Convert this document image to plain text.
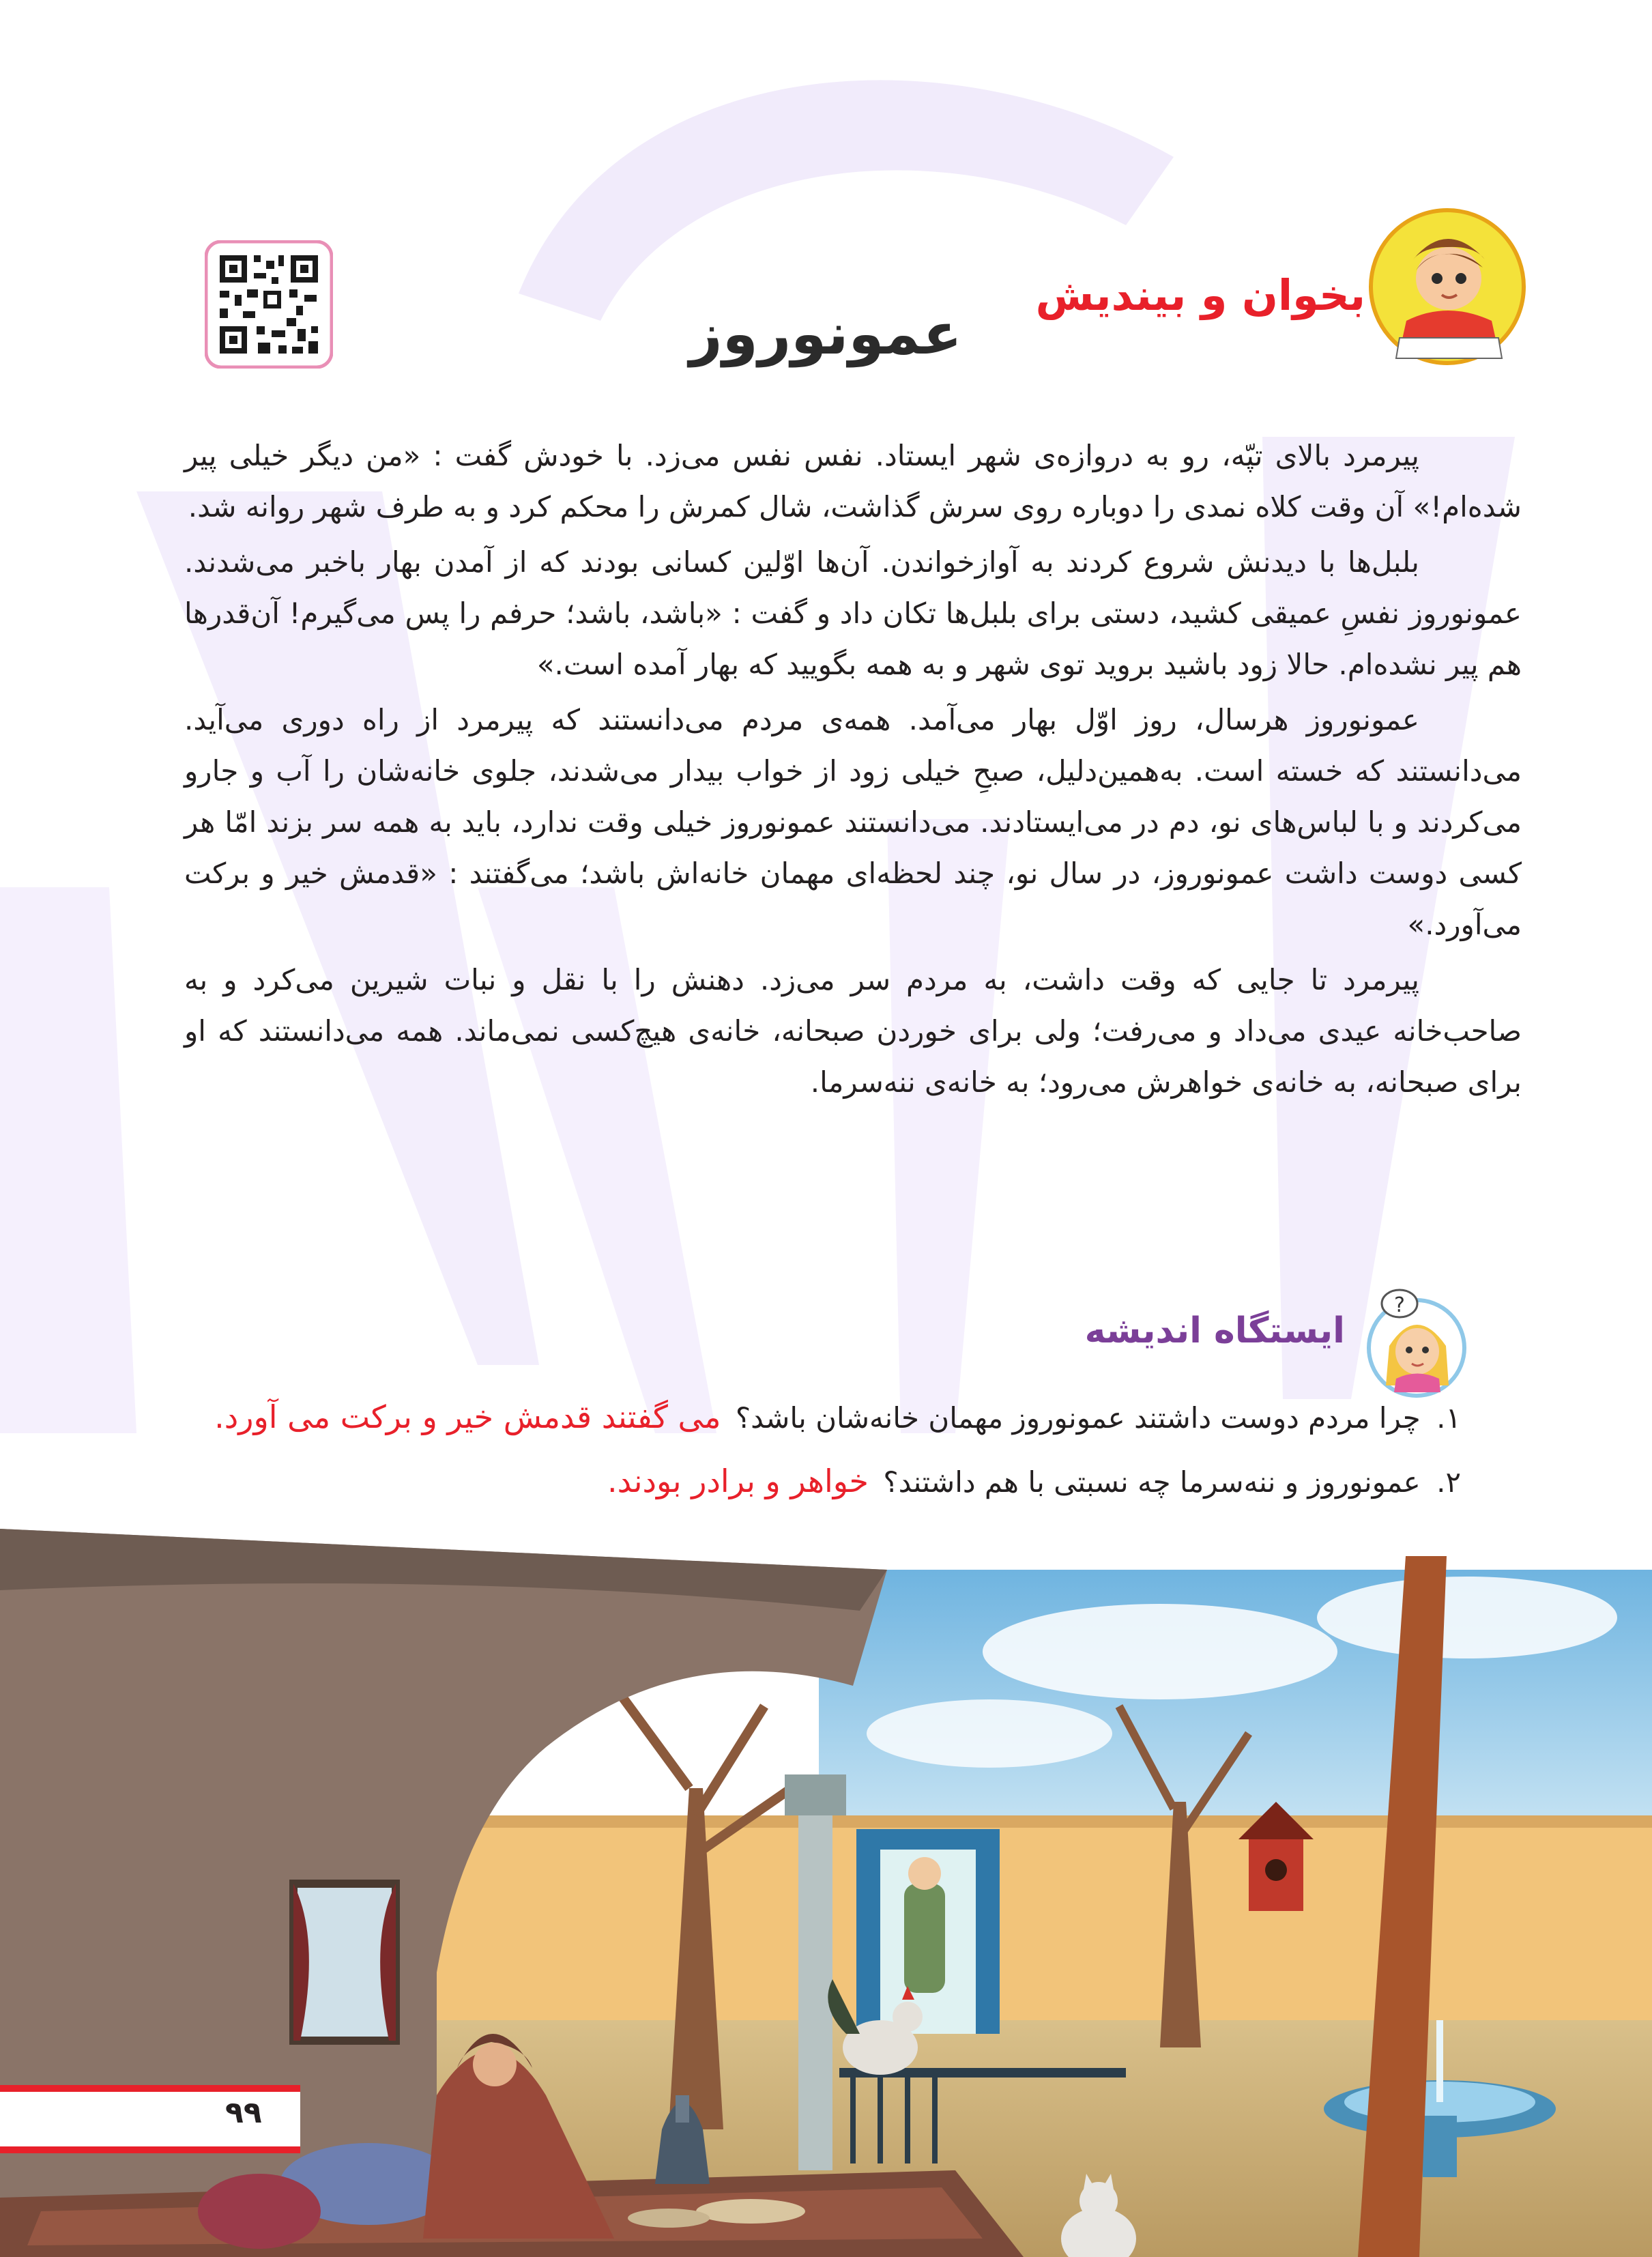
بخوان و بیندیش
عمونوروز

پیرمرد بالای تپّه، رو به دروازه‌ی شهر ایستاد. نفس نفس می‌زد. با خودش گفت : «من دیگر خیلی پیر شده‌ام!» آن وقت کلاه نمدی را دوباره روی سرش گذاشت، شال کمرش را محکم کرد و به طرف شهر روانه شد.

بلبل‌ها با دیدنش شروع کردند به آوازخواندن. آن‌ها اوّلین کسانی بودند که از آمدن بهار باخبر می‌شدند. عمونوروز نفسِ عمیقی کشید، دستی برای بلبل‌ها تکان داد و گفت : «باشد، باشد؛ حرفم را پس می‌گیرم! آن‌قدرها هم پیر نشده‌ام. حالا زود باشید بروید توی شهر و به همه بگویید که بهار آمده است.»

عمونوروز هرسال، روز اوّل بهار می‌آمد. همه‌ی مردم می‌دانستند که پیرمرد از راه دوری می‌آید. می‌دانستند که خسته است. به‌همین‌دلیل، صبحِ خیلی زود از خواب بیدار می‌شدند، جلوی خانه‌شان را آب و جارو می‌کردند و با لباس‌های نو، دم در می‌ایستادند. می‌دانستند عمونوروز خیلی وقت ندارد، باید به همه سر بزند امّا هر کسی دوست داشت عمونوروز، در سال نو، چند لحظه‌ای مهمان خانه‌اش باشد؛ می‌گفتند : «قدمش خیر و برکت می‌آورد.»

پیرمرد تا جایی که وقت داشت، به مردم سر می‌زد. دهنش را با نقل و نبات شیرین می‌کرد و به صاحب‌خانه عیدی می‌داد و می‌رفت؛ ولی برای خوردن صبحانه، خانه‌ی هیچ‌کسی نمی‌ماند. همه می‌دانستند که او برای صبحانه، به خانه‌ی خواهرش می‌رود؛ به خانه‌ی ننه‌سرما.

?
ایستگاه اندیشه
۱. چرا مردم دوست داشتند عمونوروز مهمان خانه‌شان باشد؟ می گفتند قدمش خیر و برکت می آورد.
۲. عمونوروز و ننه‌سرما چه نسبتی با هم داشتند؟ خواهر و برادر بودند.
۹۹
